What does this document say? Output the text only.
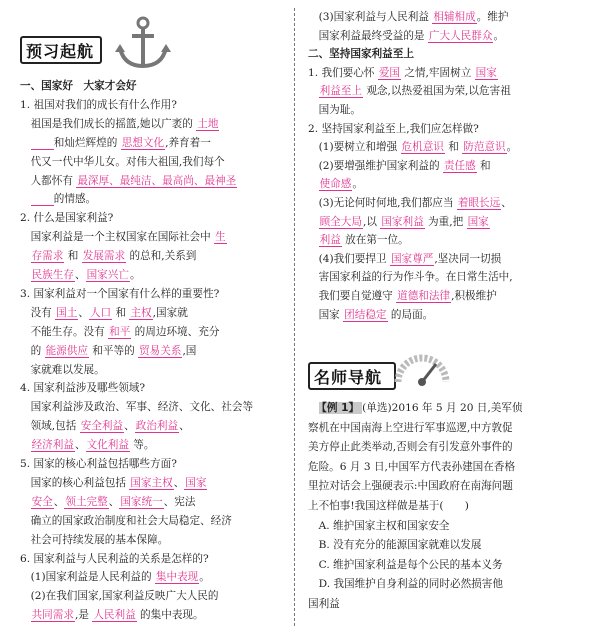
预习起航
名师导航
一、国家好　大家才会好
1. 祖国对我们的成长有什么作用?
　祖国是我们成长的摇篮,她以广袤的 土地
　　　和灿烂辉煌的 思想文化,养育着一
　代又一代中华儿女。对伟大祖国,我们每个
　人都怀有 最深厚、最纯洁、最高尚、最神圣
　　　的情感。
2. 什么是国家利益?
　国家利益是一个主权国家在国际社会中 生
　存需求 和 发展需求 的总和,关系到
　民族生存、国家兴亡。
3. 国家利益对一个国家有什么样的重要性?
　没有 国土、人口 和 主权,国家就
　不能生存。没有 和平 的周边环境、充分
　的 能源供应 和平等的 贸易关系,国
　家就难以发展。
4. 国家利益涉及哪些领域?
　国家利益涉及政治、军事、经济、文化、社会等
　领域,包括 安全利益、政治利益、
　经济利益、文化利益 等。
5. 国家的核心利益包括哪些方面?
　国家的核心利益包括 国家主权、国家
　安全、领土完整、国家统一、宪法
　确立的国家政治制度和社会大局稳定、经济
　社会可持续发展的基本保障。
6. 国家利益与人民利益的关系是怎样的?
　(1)国家利益是人民利益的 集中表现。
　(2)在我们国家,国家利益反映广大人民的
　共同需求,是 人民利益 的集中表现。
　(3)国家利益与人民利益 相辅相成。维护
　国家利益最终受益的是 广大人民群众。
二、坚持国家利益至上
1. 我们要心怀 爱国 之情,牢固树立 国家
　利益至上 观念,以热爱祖国为荣,以危害祖
　国为耻。
2. 坚持国家利益至上,我们应怎样做?
　(1)要树立和增强 危机意识 和 防范意识。
　(2)要增强维护国家利益的 责任感 和
　使命感。
　(3)无论何时何地,我们都应当 着眼长远、
　顾全大局,以 国家利益 为重,把 国家
　利益 放在第一位。
　(4)我们要捍卫 国家尊严,坚决同一切损
　害国家利益的行为作斗争。在日常生活中,
　我们要自觉遵守 道德和法律,积极维护
　国家 团结稳定 的局面。
　【例 1】 (单选)2016 年 5 月 20 日,美军侦
察机在中国南海上空进行军事巡逻,中方敦促
美方停止此类举动,否则会有引发意外事件的
危险。6 月 3 日,中国军方代表孙建国在香格
里拉对话会上强硬表示:中国政府在南海问题
上不怕事!我国这样做是基于(　　)
　A. 维护国家主权和国家安全
　B. 没有充分的能源国家就难以发展
　C. 维护国家利益是每个公民的基本义务
　D. 我国维护自身利益的同时必然损害他
国利益
